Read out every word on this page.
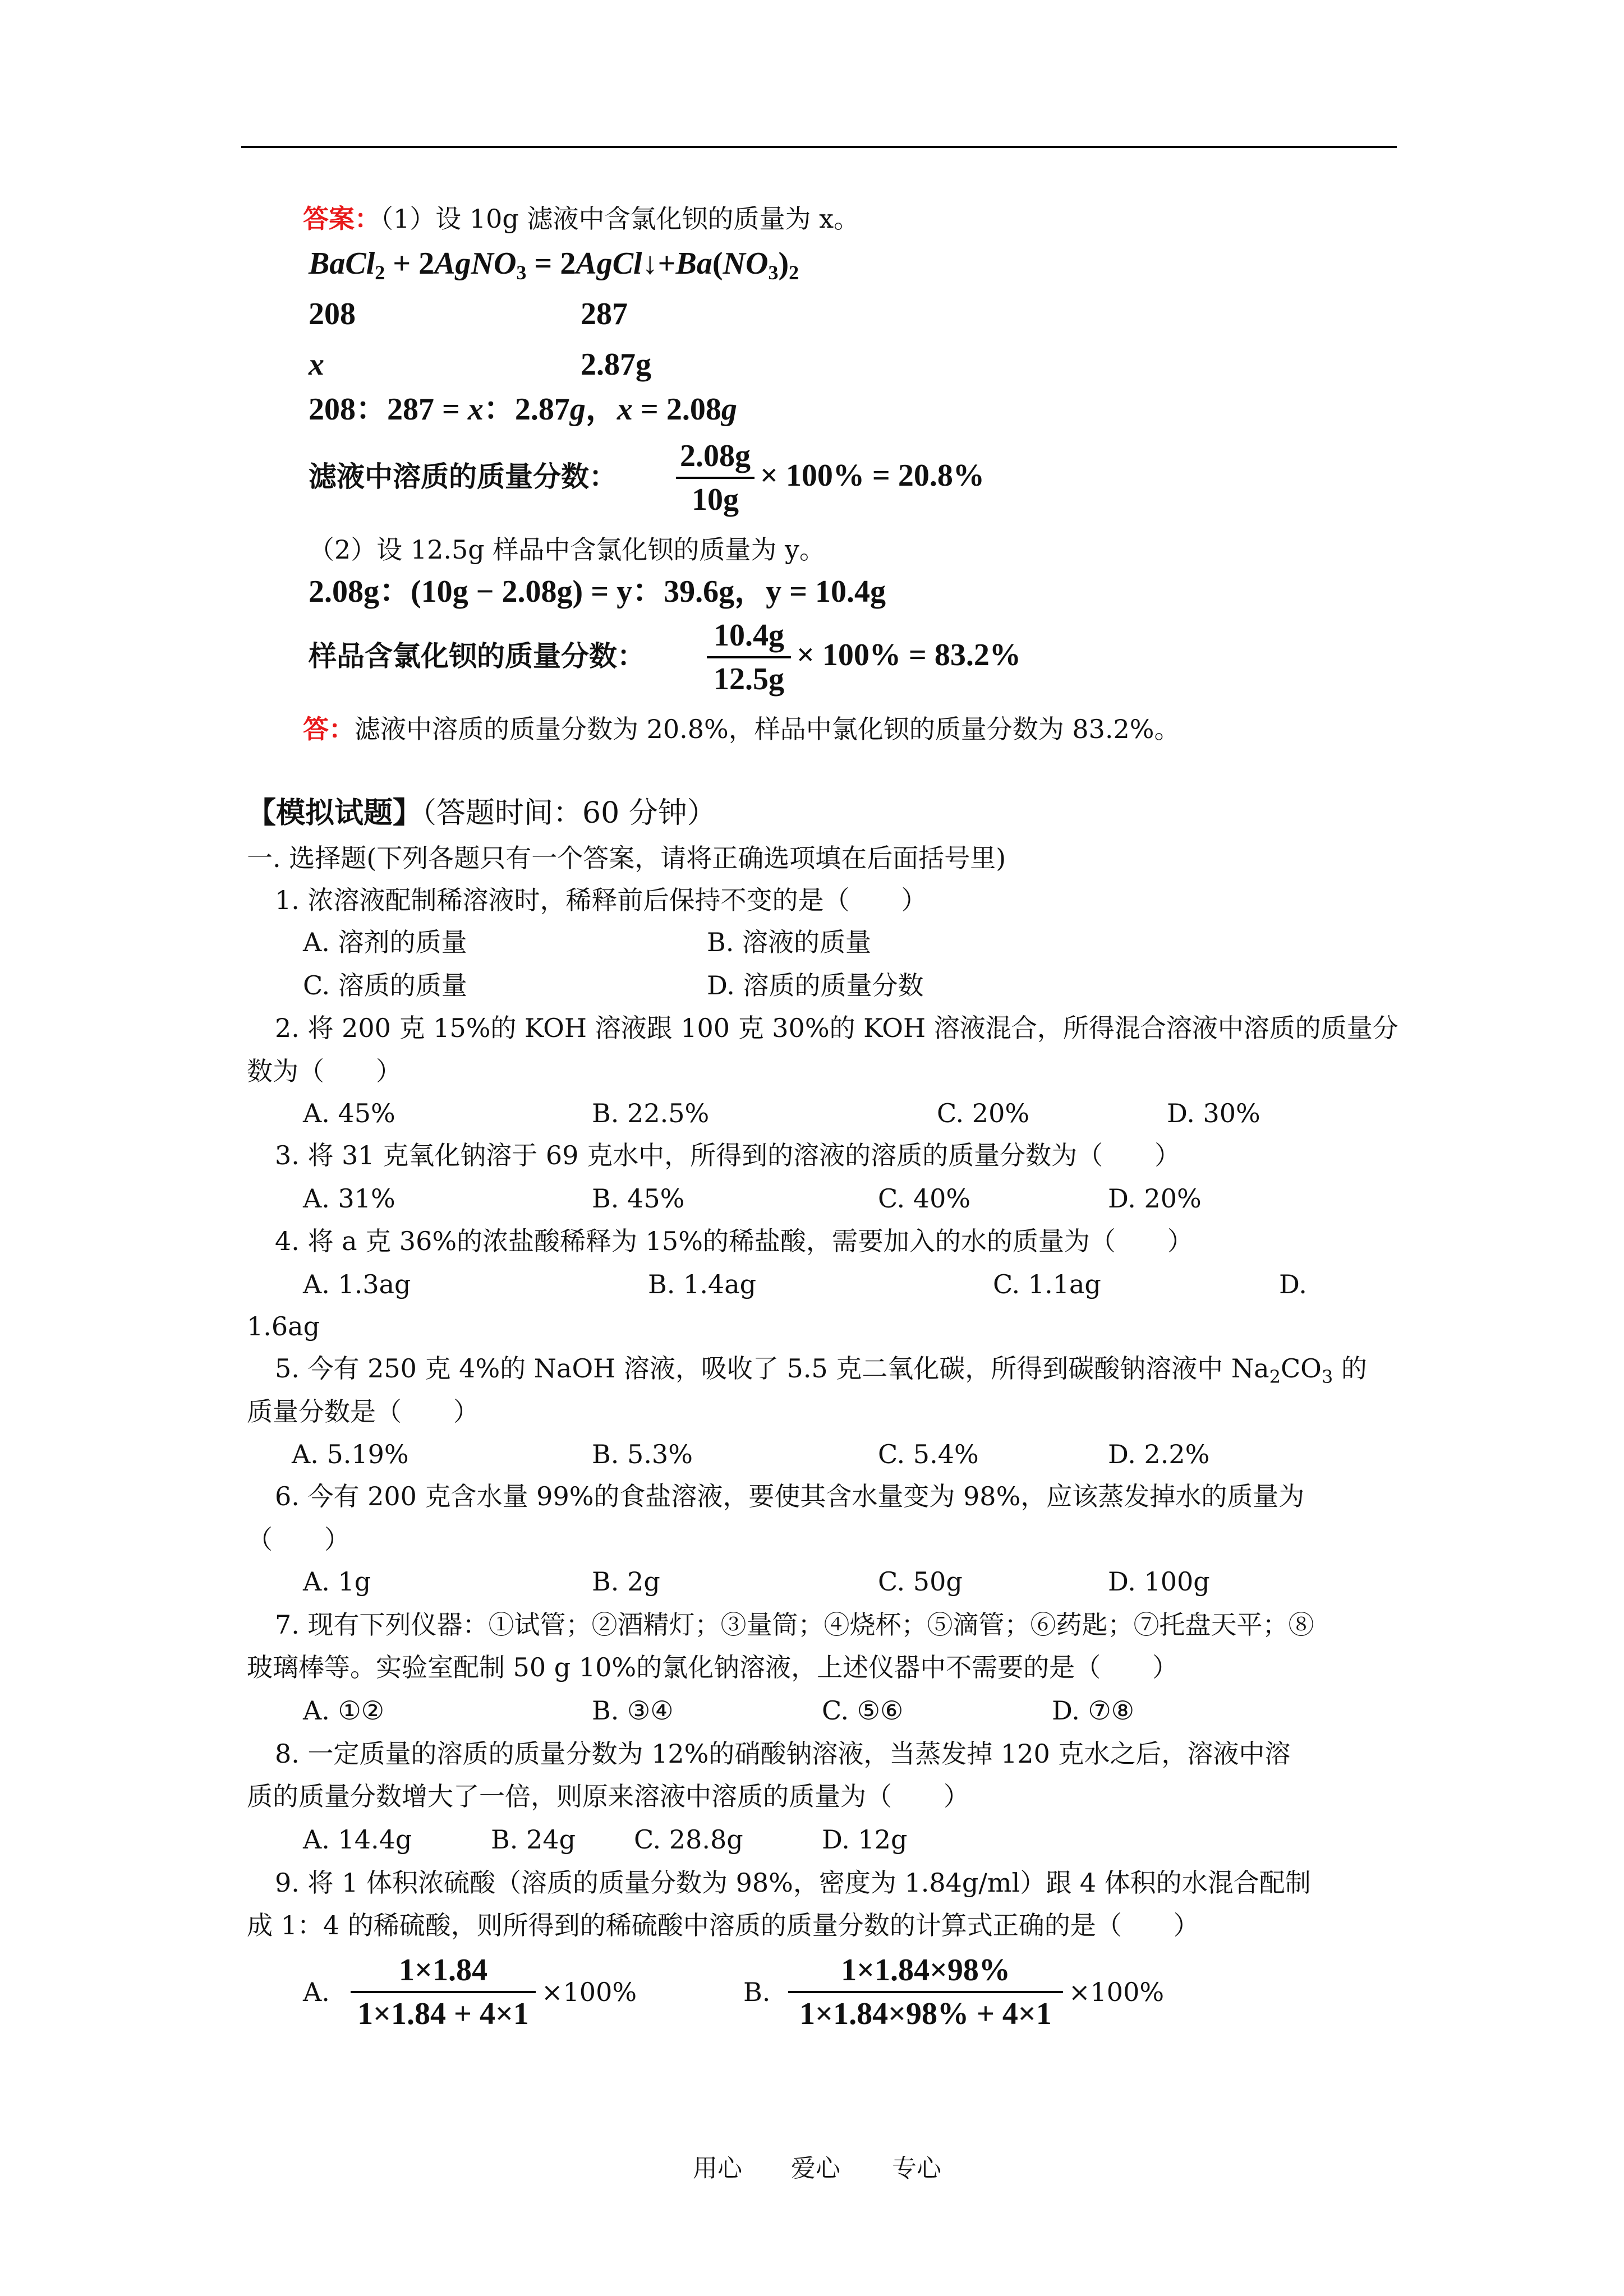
答案：（1）设 10g 滤液中含氯化钡的质量为 x。
BaCl$_2$ + 2AgNO$_3$ = $2AgCl↓+Ba(NO_3)_2$
208	287
x	2.87g
208：287 = x：2.87g，x = 2.08g
滤液中溶质的质量分数：
2.08g
10g
× 100% = 20.8%
（2）设 12.5g 样品中含氯化钡的质量为 y。
2.08g：(10g − 2.08g) = y：39.6g，y = 10.4g
样品含氯化钡的质量分数：
10.4g
12.5g
× 100% = 83.2%
答：滤液中溶质的质量分数为 20.8%，样品中氯化钡的质量分数为 83.2%。
【模拟试题】（答题时间：60 分钟）
一. 选择题(下列各题只有一个答案，请将正确选项填在后面括号里)
1. 浓溶液配制稀溶液时，稀释前后保持不变的是（　　）
A. 溶剂的质量	B. 溶液的质量
C. 溶质的质量	D. 溶质的质量分数
2. 将 200 克 15%的 KOH 溶液跟 100 克 30%的 KOH 溶液混合，所得混合溶液中溶质的质量分
数为（　　）
A. 45%	B. 22.5%	C. 20%	D. 30%
3. 将 31 克氧化钠溶于 69 克水中，所得到的溶液的溶质的质量分数为（　　）
A. 31%	B. 45%	C. 40%	D. 20%
4. 将 a 克 36%的浓盐酸稀释为 15%的稀盐酸，需要加入的水的质量为（　　）
A. 1.3ag	B. 1.4ag	C. 1.1ag	D.
1.6ag
5. 今有 250 克 4%的 NaOH 溶液，吸收了 5.5 克二氧化碳，所得到碳酸钠溶液中 $Na_2CO_3$ 的
质量分数是（　　）
A. 5.19%	B. 5.3%	C. 5.4%	D. 2.2%
6. 今有 200 克含水量 99%的食盐溶液，要使其含水量变为 98%，应该蒸发掉水的质量为
（　　）
A. 1g	B. 2g	C. 50g	D. 100g
7. 现有下列仪器：①试管；②酒精灯；③量筒；④烧杯；⑤滴管；⑥药匙；⑦托盘天平；⑧
玻璃棒等。实验室配制 50 g 10%的氯化钠溶液，上述仪器中不需要的是（　　）
A. ①②	B. ③④	C. ⑤⑥	D. ⑦⑧
8. 一定质量的溶质的质量分数为 12%的硝酸钠溶液，当蒸发掉 120 克水之后，溶液中溶
质的质量分数增大了一倍，则原来溶液中溶质的质量为（　　）
A. 14.4g	B. 24g C. 28.8g	D. 12g
9. 将 1 体积浓硫酸（溶质的质量分数为 98%，密度为 1.84g/ml）跟 4 体积的水混合配制
成 1：4 的稀硫酸，则所得到的稀硫酸中溶质的质量分数的计算式正确的是（　　）
A.
1×1.84
1×1.84 + 4×1
×100%	B.
1×1.84×98%
1×1.84×98% + 4×1
×100%
用心 爱心 专心
